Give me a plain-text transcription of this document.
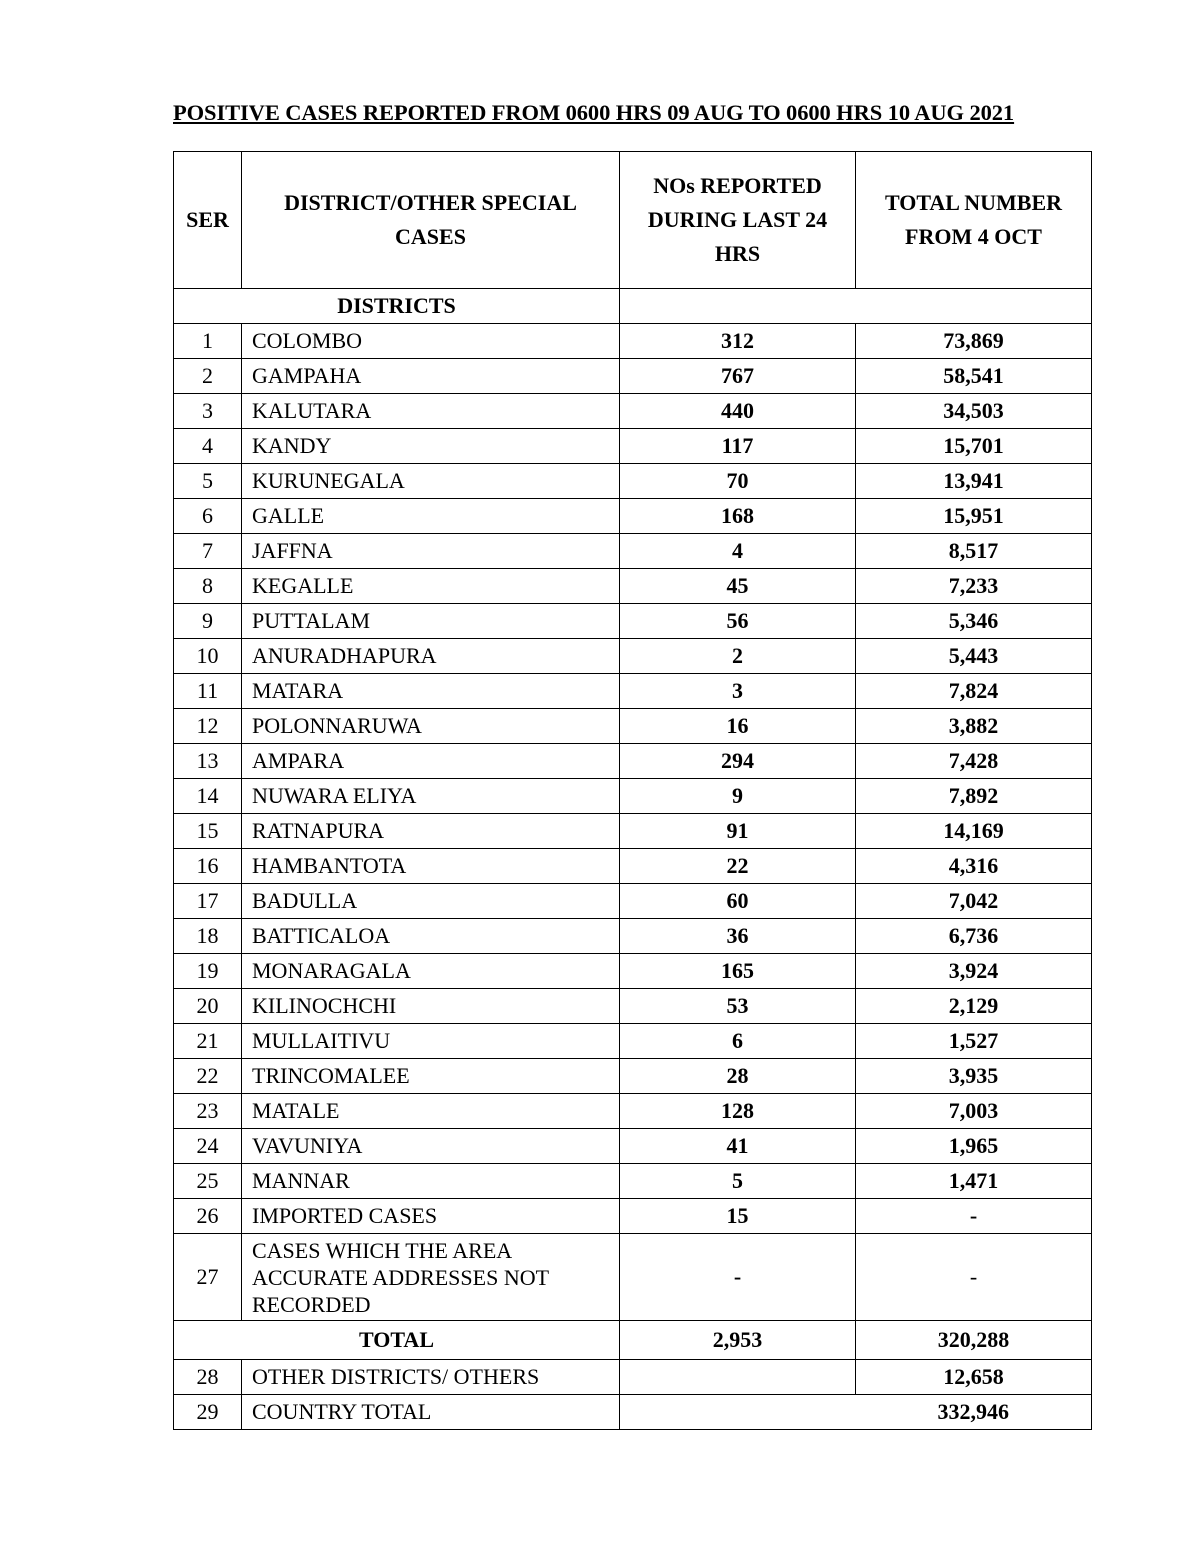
POSITIVE CASES REPORTED FROM 0600 HRS 09 AUG TO 0600 HRS 10 AUG 2021
SER	DISTRICT/OTHER SPECIAL CASES	NOs REPORTED DURING LAST 24 HRS	TOTAL NUMBER FROM 4 OCT
DISTRICTS			
1	COLOMBO	312	73,869
2	GAMPAHA	767	58,541
3	KALUTARA	440	34,503
4	KANDY	117	15,701
5	KURUNEGALA	70	13,941
6	GALLE	168	15,951
7	JAFFNA	4	8,517
8	KEGALLE	45	7,233
9	PUTTALAM	56	5,346
10	ANURADHAPURA	2	5,443
11	MATARA	3	7,824
12	POLONNARUWA	16	3,882
13	AMPARA	294	7,428
14	NUWARA ELIYA	9	7,892
15	RATNAPURA	91	14,169
16	HAMBANTOTA	22	4,316
17	BADULLA	60	7,042
18	BATTICALOA	36	6,736
19	MONARAGALA	165	3,924
20	KILINOCHCHI	53	2,129
21	MULLAITIVU	6	1,527
22	TRINCOMALEE	28	3,935
23	MATALE	128	7,003
24	VAVUNIYA	41	1,965
25	MANNAR	5	1,471
26	IMPORTED CASES	15	-
27	CASES WHICH THE AREA ACCURATE ADDRESSES NOT RECORDED	-	-
TOTAL		2,953	320,288
28	OTHER DISTRICTS/ OTHERS		12,658
29	COUNTRY TOTAL	332,946	
